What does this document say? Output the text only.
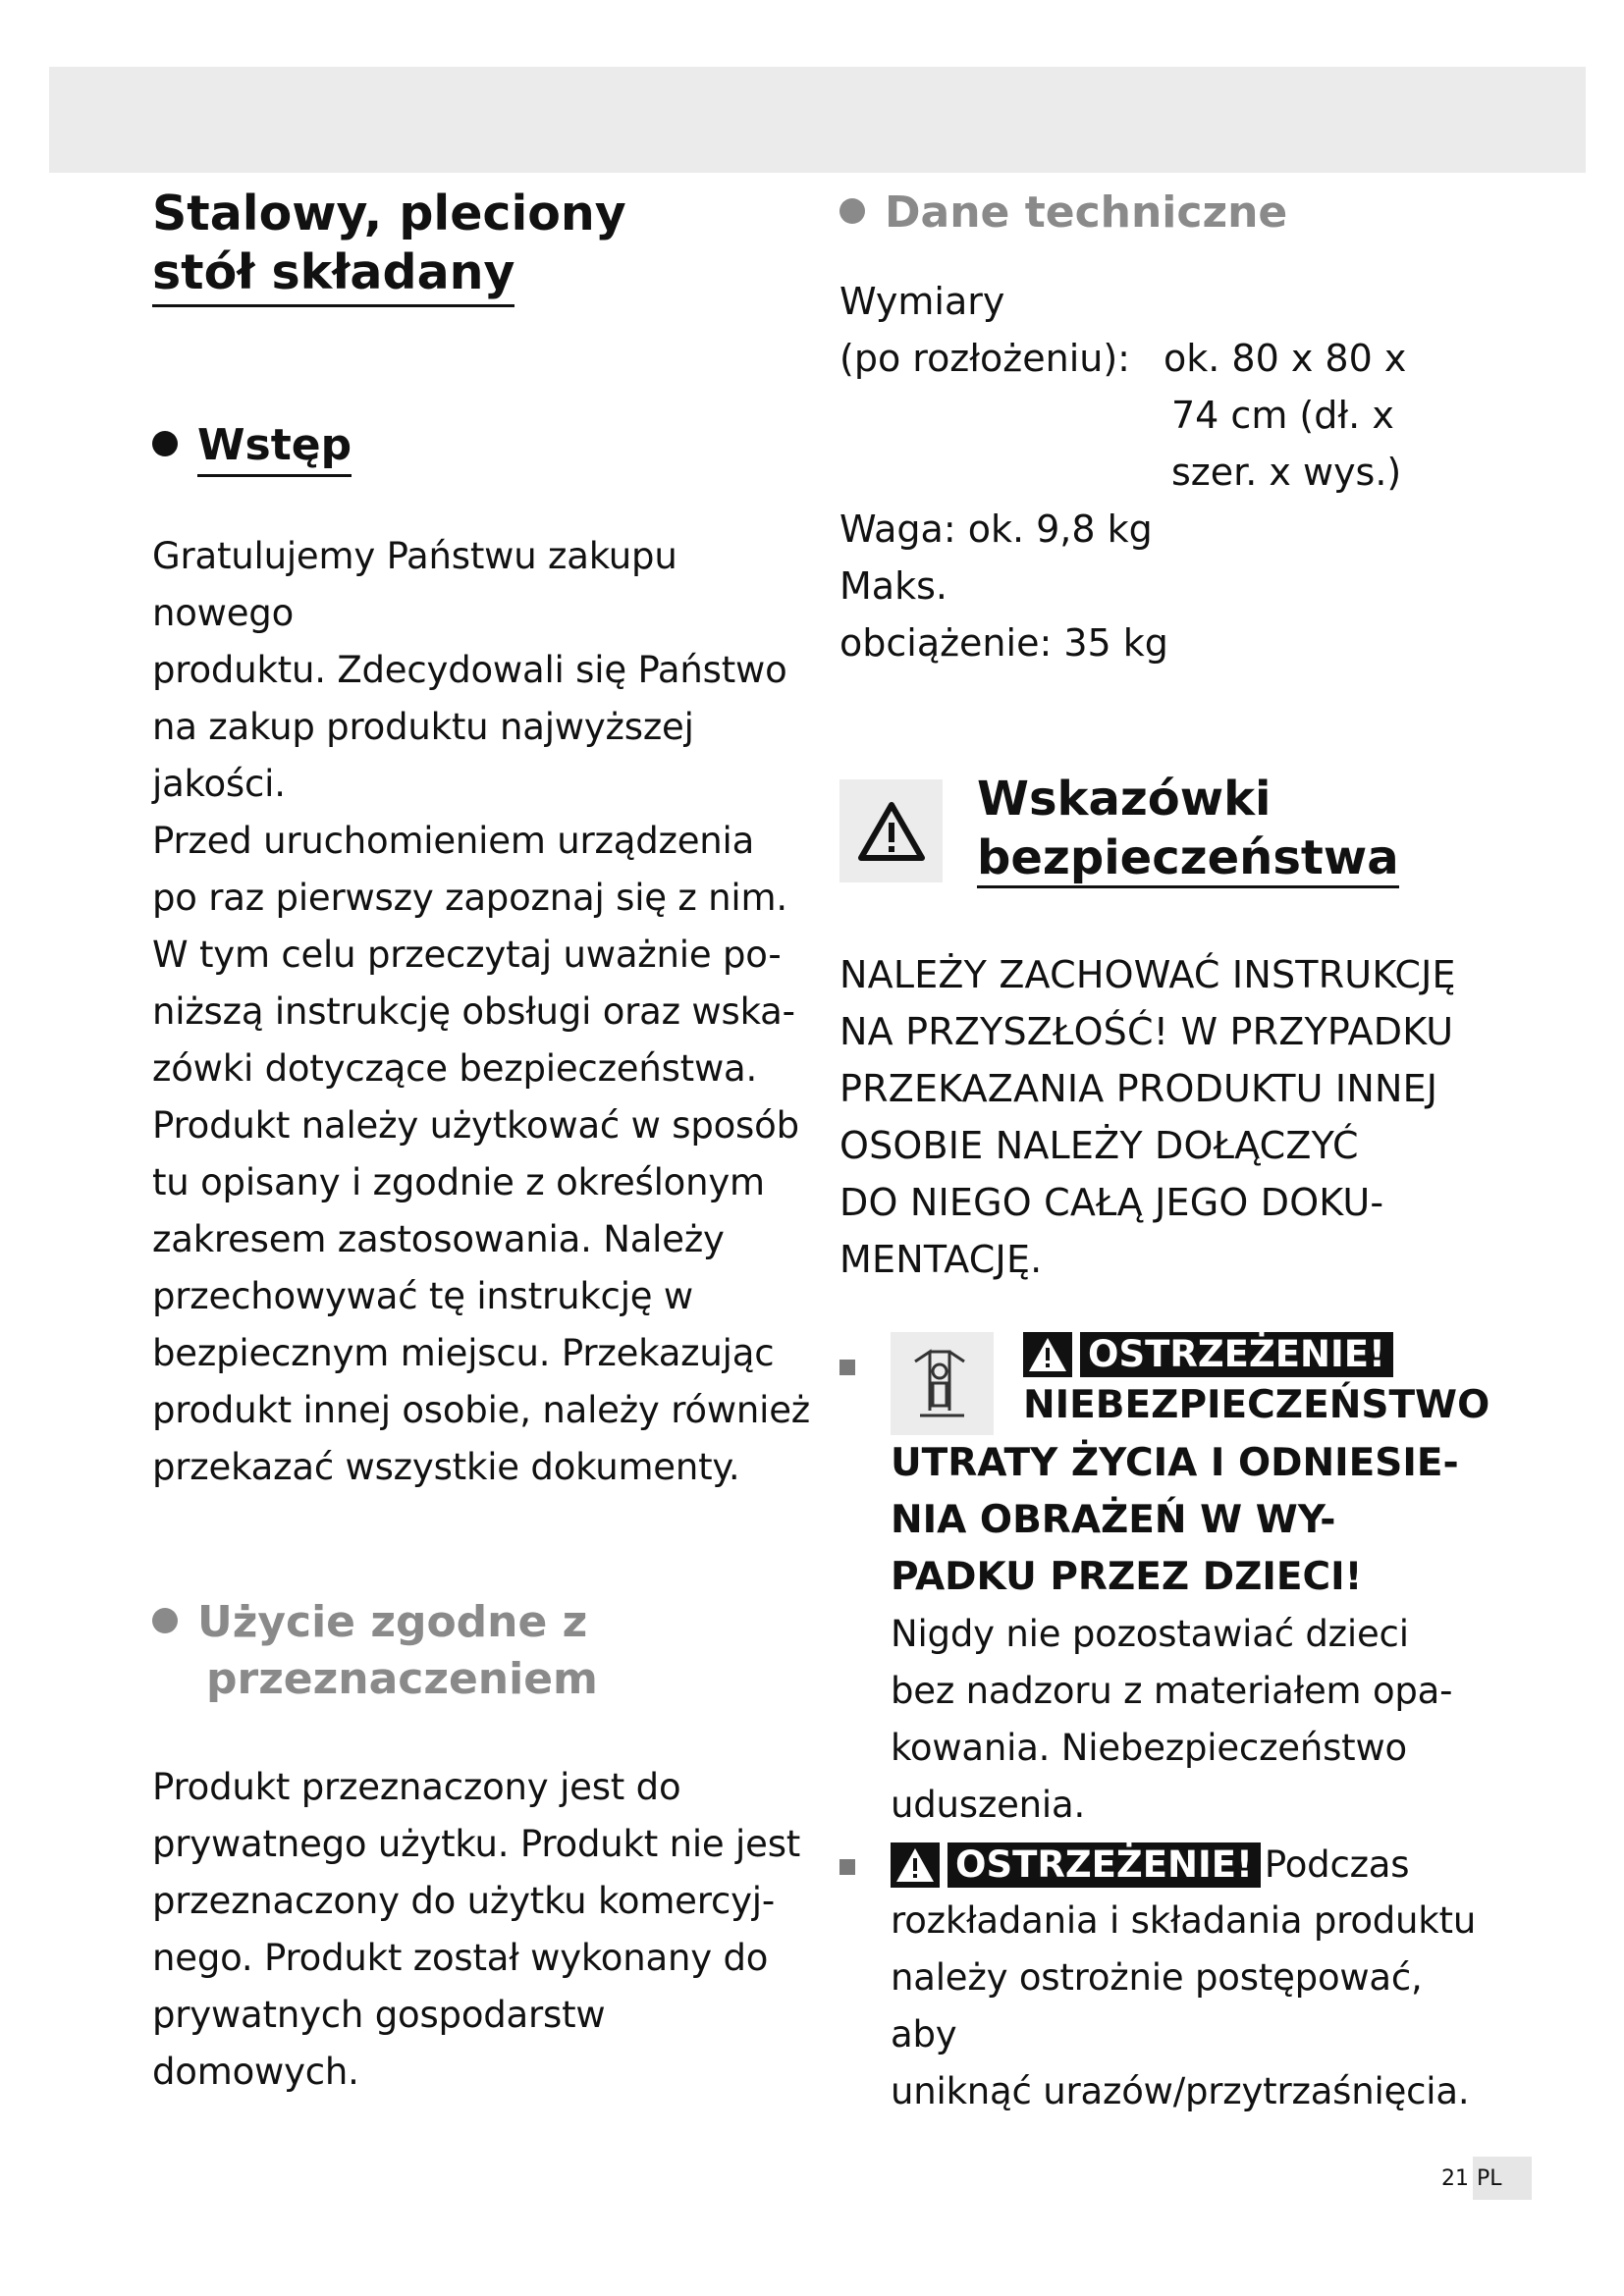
Stalowy, pleciony
stół składany
Wstęp
Gratulujemy Państwu zakupu nowego
produktu. Zdecydowali się Państwo
na zakup produktu najwyższej jakości.
Przed uruchomieniem urządzenia
po raz pierwszy zapoznaj się z nim.
W tym celu przeczytaj uważnie po-
niższą instrukcję obsługi oraz wska-
zówki dotyczące bezpieczeństwa.
Produkt należy użytkować w sposób
tu opisany i zgodnie z określonym
zakresem zastosowania. Należy
przechowywać tę instrukcję w
bezpiecznym miejscu. Przekazując
produkt innej osobie, należy również
przekazać wszystkie dokumenty.
Użycie zgodne z
przeznaczeniem
Produkt przeznaczony jest do
prywatnego użytku. Produkt nie jest
przeznaczony do użytku komercyj-
nego. Produkt został wykonany do
prywatnych gospodarstw domowych.
Dane techniczne
Wymiary
(po rozłożeniu): ok. 80 x 80 x
74 cm (dł. x
szer. x wys.)
Waga: ok. 9,8 kg
Maks.
obciążenie: 35 kg
Wskazówki
bezpieczeństwa
NALEŻY ZACHOWAĆ INSTRUKCJĘ
NA PRZYSZŁOŚĆ! W PRZYPADKU
PRZEKAZANIA PRODUKTU INNEJ
OSOBIE NALEŻY DOŁĄCZYĆ
DO NIEGO CAŁĄ JEGO DOKU-
MENTACJĘ.
OSTRZEŻENIE!
NIEBEZPIECZEŃSTWO
UTRATY ŻYCIA I ODNIESIE-
NIA OBRAŻEŃ W WY-
PADKU PRZEZ DZIECI!
Nigdy nie pozostawiać dzieci
bez nadzoru z materiałem opa-
kowania. Niebezpieczeństwo
uduszenia.
OSTRZEŻENIE! Podczas
rozkładania i składania produktu
należy ostrożnie postępować, aby
uniknąć urazów/przytrzaśnięcia.
21 PL
